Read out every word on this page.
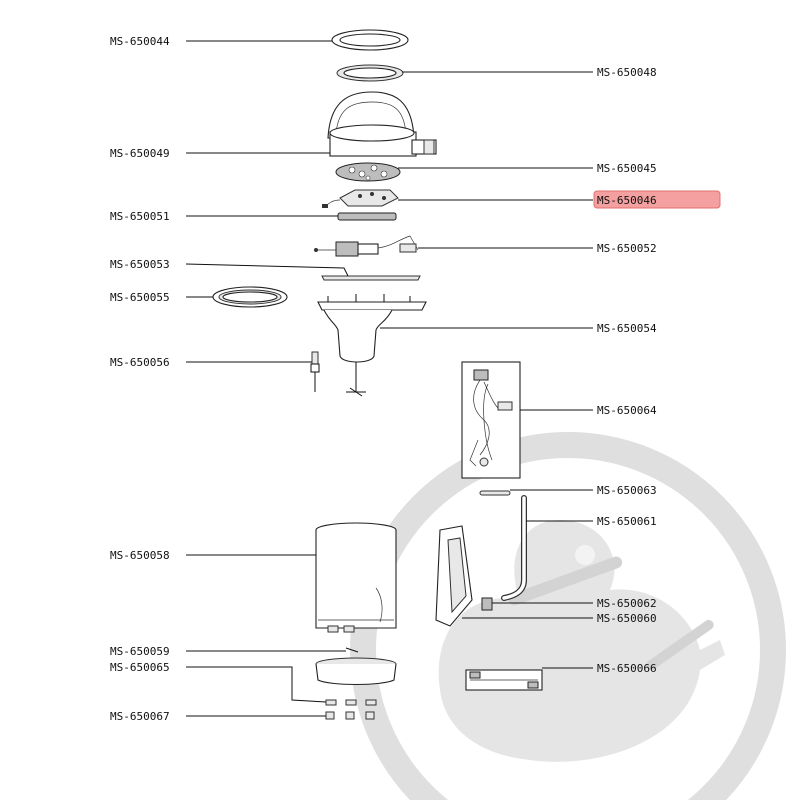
MS-650044
MS-650048
MS-650049
MS-650045
MS-650046
MS-650051
MS-650052
MS-650053
MS-650055
MS-650054
MS-650056
MS-650064
MS-650063
MS-650061
MS-650058
MS-650062
MS-650060
MS-650059
MS-650065	MS-650066
MS-650067
